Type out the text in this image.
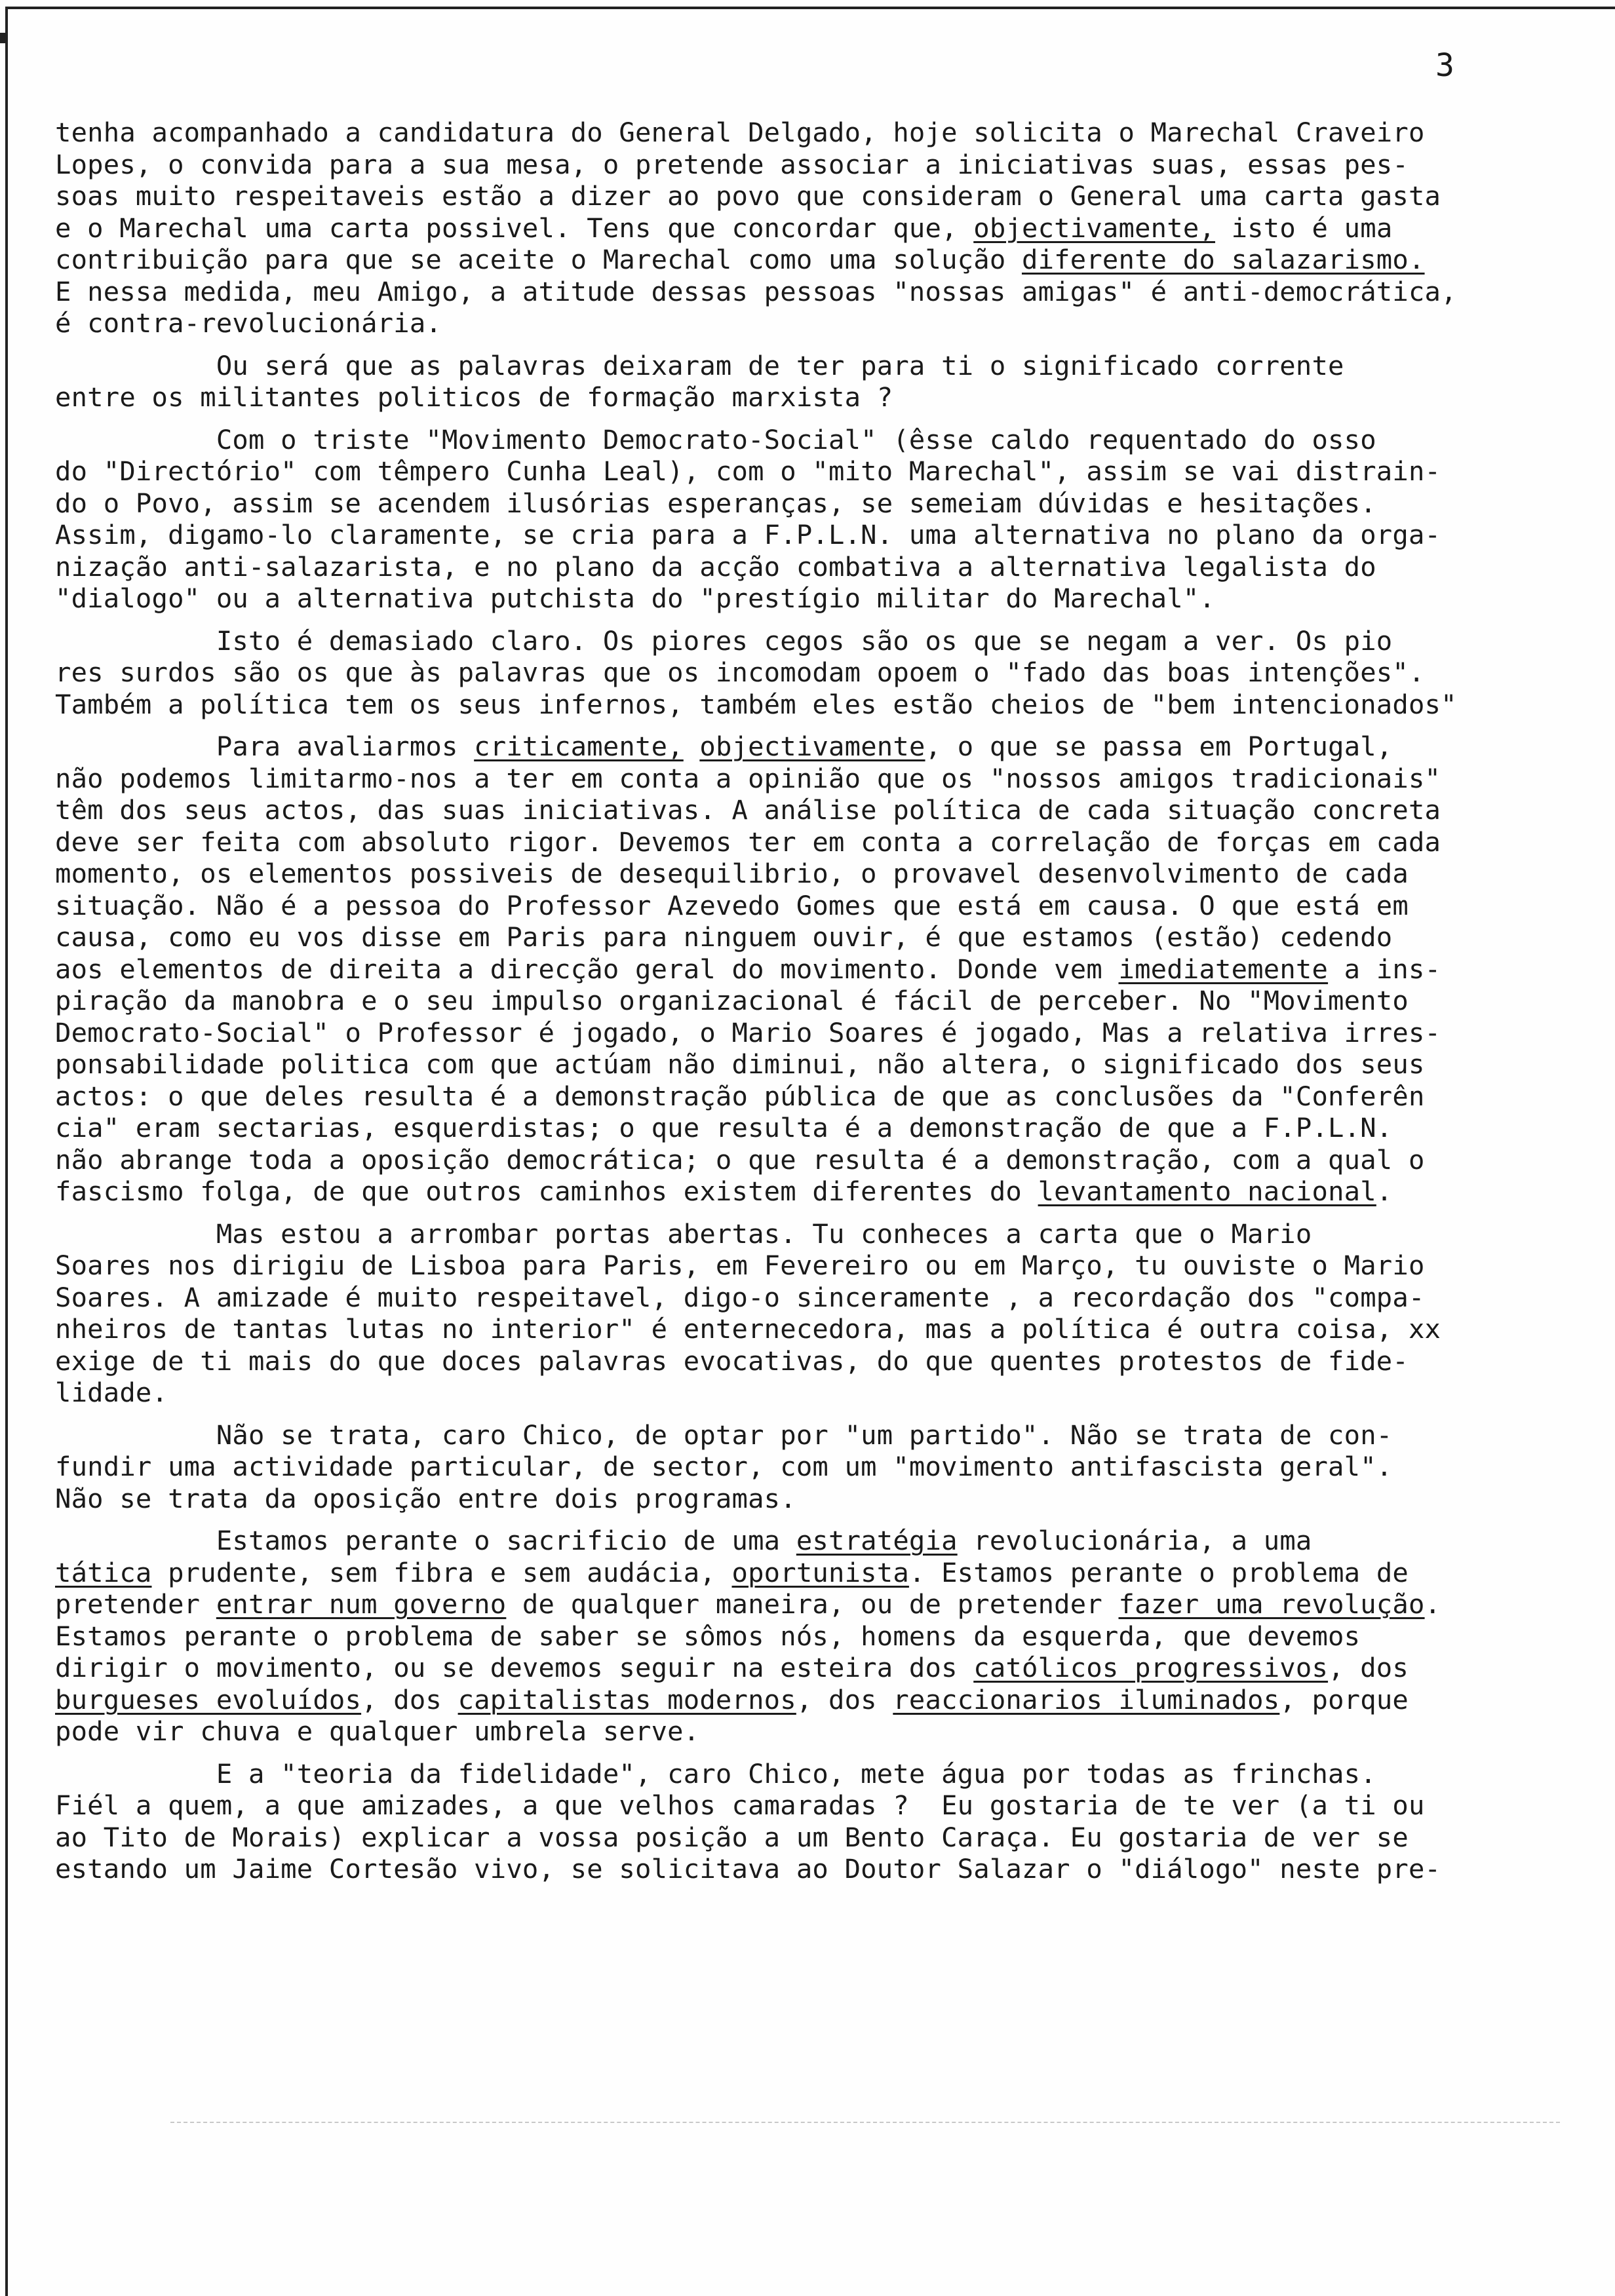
3
tenha acompanhado a candidatura do General Delgado, hoje solicita o Marechal Craveiro
Lopes, o convida para a sua mesa, o pretende associar a iniciativas suas, essas pes-
soas muito respeitaveis estão a dizer ao povo que consideram o General uma carta gasta
e o Marechal uma carta possivel. Tens que concordar que, objectivamente, isto é uma
contribuição para que se aceite o Marechal como uma solução diferente do salazarismo.
E nessa medida, meu Amigo, a atitude dessas pessoas "nossas amigas" é anti-democrática,
é contra-revolucionária.
Ou será que as palavras deixaram de ter para ti o significado corrente
entre os militantes politicos de formação marxista ?
Com o triste "Movimento Democrato-Social" (êsse caldo requentado do osso
do "Directório" com têmpero Cunha Leal), com o "mito Marechal", assim se vai distrain-
do o Povo, assim se acendem ilusórias esperanças, se semeiam dúvidas e hesitações.
Assim, digamo-lo claramente, se cria para a F.P.L.N. uma alternativa no plano da orga-
nização anti-salazarista, e no plano da acção combativa a alternativa legalista do
"dialogo" ou a alternativa putchista do "prestígio militar do Marechal".
Isto é demasiado claro. Os piores cegos são os que se negam a ver. Os pio
res surdos são os que às palavras que os incomodam opoem o "fado das boas intenções".
Também a política tem os seus infernos, também eles estão cheios de "bem intencionados"
Para avaliarmos criticamente, objectivamente, o que se passa em Portugal,
não podemos limitarmo-nos a ter em conta a opinião que os "nossos amigos tradicionais"
têm dos seus actos, das suas iniciativas. A análise política de cada situação concreta
deve ser feita com absoluto rigor. Devemos ter em conta a correlação de forças em cada
momento, os elementos possiveis de desequilibrio, o provavel desenvolvimento de cada
situação. Não é a pessoa do Professor Azevedo Gomes que está em causa. O que está em
causa, como eu vos disse em Paris para ninguem ouvir, é que estamos (estão) cedendo
aos elementos de direita a direcção geral do movimento. Donde vem imediatemente a ins-
piração da manobra e o seu impulso organizacional é fácil de perceber. No "Movimento
Democrato-Social" o Professor é jogado, o Mario Soares é jogado, Mas a relativa irres-
ponsabilidade politica com que actúam não diminui, não altera, o significado dos seus
actos: o que deles resulta é a demonstração pública de que as conclusões da "Conferên
cia" eram sectarias, esquerdistas; o que resulta é a demonstração de que a F.P.L.N.
não abrange toda a oposição democrática; o que resulta é a demonstração, com a qual o
fascismo folga, de que outros caminhos existem diferentes do levantamento nacional.
Mas estou a arrombar portas abertas. Tu conheces a carta que o Mario
Soares nos dirigiu de Lisboa para Paris, em Fevereiro ou em Março, tu ouviste o Mario
Soares. A amizade é muito respeitavel, digo-o sinceramente , a recordação dos "compa-
nheiros de tantas lutas no interior" é enternecedora, mas a política é outra coisa, xx
exige de ti mais do que doces palavras evocativas, do que quentes protestos de fide-
lidade.
Não se trata, caro Chico, de optar por "um partido". Não se trata de con-
fundir uma actividade particular, de sector, com um "movimento antifascista geral".
Não se trata da oposição entre dois programas.
Estamos perante o sacrificio de uma estratégia revolucionária, a uma
tática prudente, sem fibra e sem audácia, oportunista. Estamos perante o problema de
pretender entrar num governo de qualquer maneira, ou de pretender fazer uma revolução.
Estamos perante o problema de saber se sômos nós, homens da esquerda, que devemos
dirigir o movimento, ou se devemos seguir na esteira dos católicos progressivos, dos
burgueses evoluídos, dos capitalistas modernos, dos reaccionarios iluminados, porque
pode vir chuva e qualquer umbrela serve.
E a "teoria da fidelidade", caro Chico, mete água por todas as frinchas.
Fiél a quem, a que amizades, a que velhos camaradas ?  Eu gostaria de te ver (a ti ou
ao Tito de Morais) explicar a vossa posição a um Bento Caraça. Eu gostaria de ver se
estando um Jaime Cortesão vivo, se solicitava ao Doutor Salazar o "diálogo" neste pre-
